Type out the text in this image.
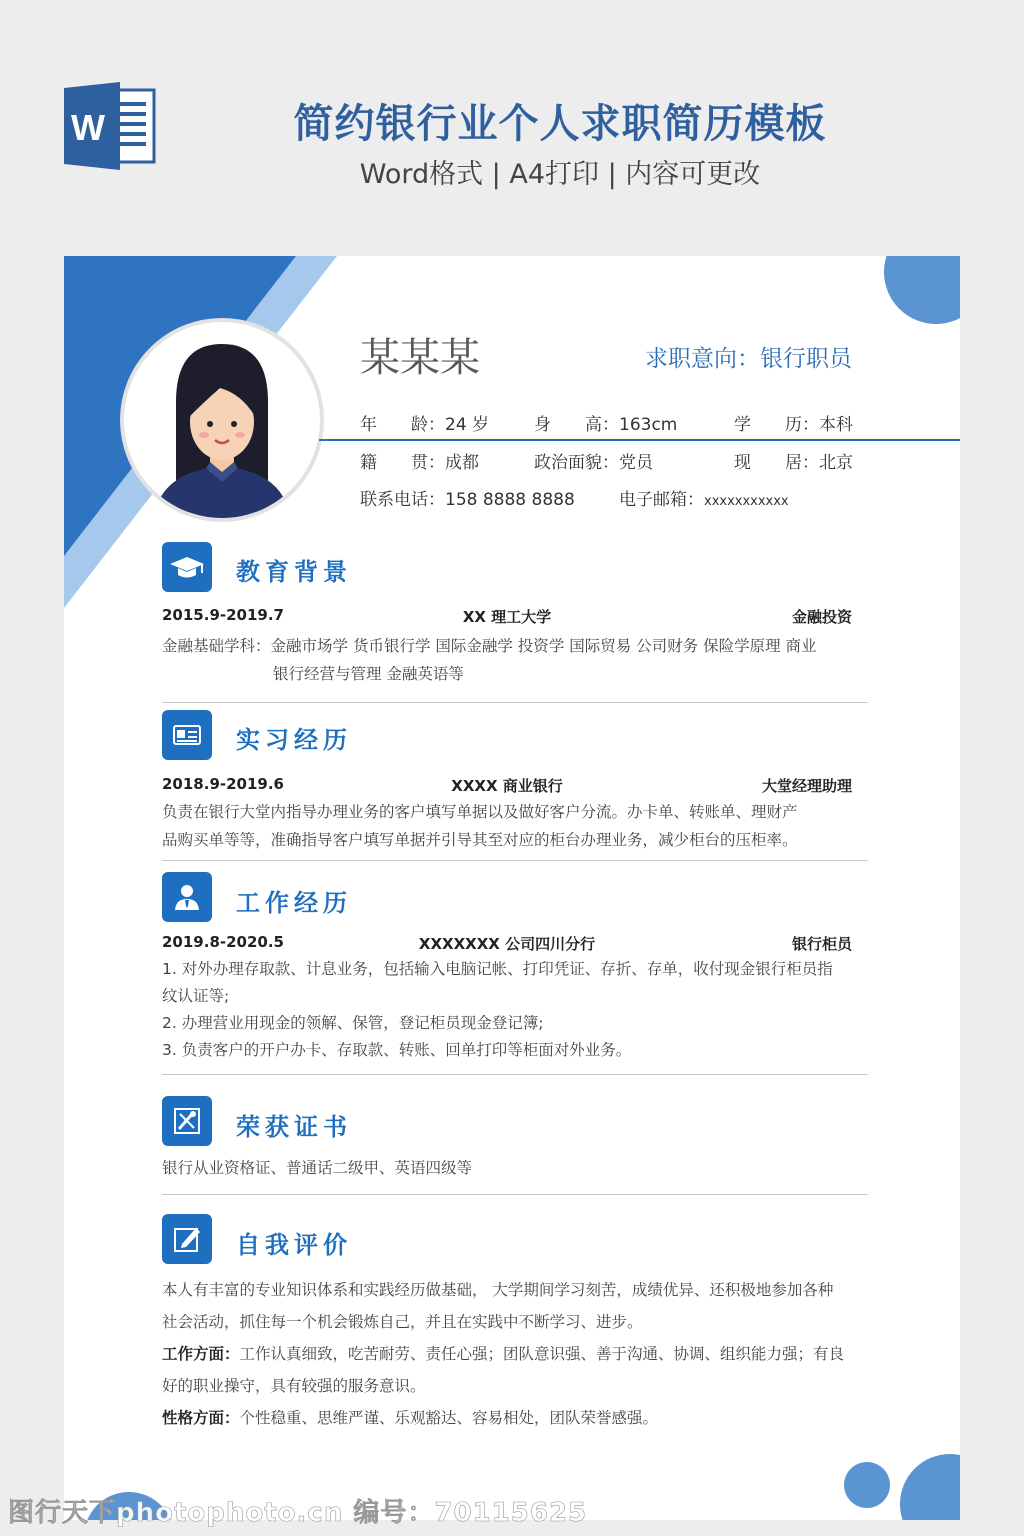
W	简约银行业个人求职简历模板

Word格式 | A4打印 | 内容可更改

某某某	求职意向：银行职员
年　　龄：24 岁	身　　高：163cm	学　　历：本科
籍　　贯：成都	政治面貌：党员	现　　居：北京
联系电话：158 8888 8888	电子邮箱：xxxxxxxxxxx
教育背景
2015.9-2019.7	XX 理工大学	金融投资
金融基础学科：金融市场学 货币银行学 国际金融学 投资学 国际贸易 公司财务 保险学原理 商业
银行经营与管理 金融英语等
实习经历
2018.9-2019.6	XXXX 商业银行	大堂经理助理
负责在银行大堂内指导办理业务的客户填写单据以及做好客户分流。办卡单、转账单、理财产
品购买单等等，准确指导客户填写单据并引导其至对应的柜台办理业务，减少柜台的压柜率。
工作经历
2019.8-2020.5	XXXXXXX 公司四川分行	银行柜员
1. 对外办理存取款、计息业务，包括输入电脑记帐、打印凭证、存折、存单，收付现金银行柜员指
纹认证等;
2. 办理营业用现金的领解、保管，登记柜员现金登记簿;
3. 负责客户的开户办卡、存取款、转账、回单打印等柜面对外业务。
荣获证书
银行从业资格证、普通话二级甲、英语四级等
自我评价
本人有丰富的专业知识体系和实践经历做基础， 大学期间学习刻苦，成绩优异、还积极地参加各种
社会活动，抓住每一个机会锻炼自己，并且在实践中不断学习、进步。
工作方面：工作认真细致，吃苦耐劳、责任心强；团队意识强、善于沟通、协调、组织能力强；有良
好的职业操守，具有较强的服务意识。
性格方面：个性稳重、思维严谨、乐观豁达、容易相处，团队荣誉感强。
图行天下photophoto.cn 编号：70115625
